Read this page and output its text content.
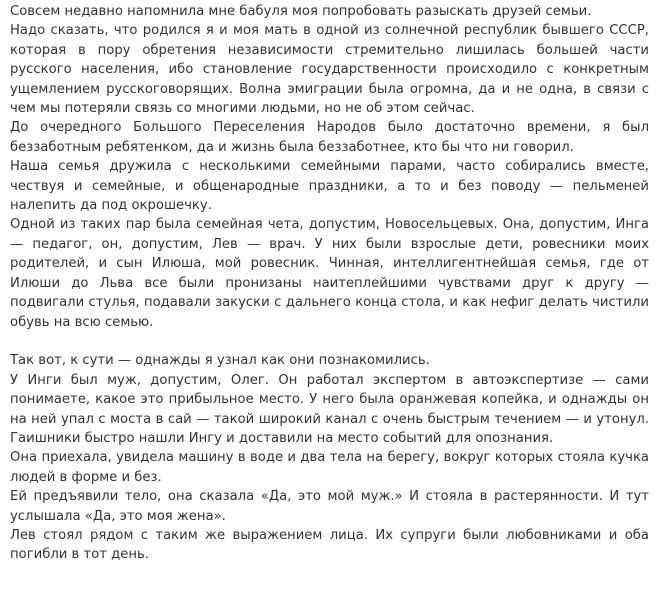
Совсем недавно напомнила мне бабуля моя попробовать разыскать друзей семьи.

Надо сказать, что родился я и моя мать в одной из солнечной республик бывшего СССР, которая в пору обретения независимости стремительно лишилась большей части русского населения, ибо становление государственности происходило с конкретным ущемлением русскоговорящих. Волна эмиграции была огромна, да и не одна, в связи с чем мы потеряли связь со многими людьми, но не об этом сейчас.

До очередного Большого Переселения Народов было достаточно времени, я был беззаботным ребятенком, да и жизнь была беззаботнее, кто бы что ни говорил.

Наша семья дружила с несколькими семейными парами, часто собирались вместе, чествуя и семейные, и общенародные праздники, а то и без поводу — пельменей налепить да под окрошечку.

Одной из таких пар была семейная чета, допустим, Новосельцевых. Она, допустим, Инга — педагог, он, допустим, Лев — врач. У них были взрослые дети, ровесники моих родителей, и сын Илюша, мой ровесник. Чинная, интеллигентнейшая семья, где от Илюши до Льва все были пронизаны наитеплейшими чувствами друг к другу — подвигали стулья, подавали закуски с дальнего конца стола, и как нефиг делать чистили обувь на всю семью.

Так вот, к сути — однажды я узнал как они познакомились.

У Инги был муж, допустим, Олег. Он работал экспертом в автоэкспертизе — сами понимаете, какое это прибыльное место. У него была оранжевая копейка, и однажды он на ней упал с моста в сай — такой широкий канал с очень быстрым течением — и утонул. Гаишники быстро нашли Ингу и доставили на место событий для опознания.

Она приехала, увидела машину в воде и два тела на берегу, вокруг которых стояла кучка людей в форме и без.

Ей предъявили тело, она сказала «Да, это мой муж.» И стояла в растерянности. И тут услышала «Да, это моя жена».

Лев стоял рядом с таким же выражением лица. Их супруги были любовниками и оба погибли в тот день.
